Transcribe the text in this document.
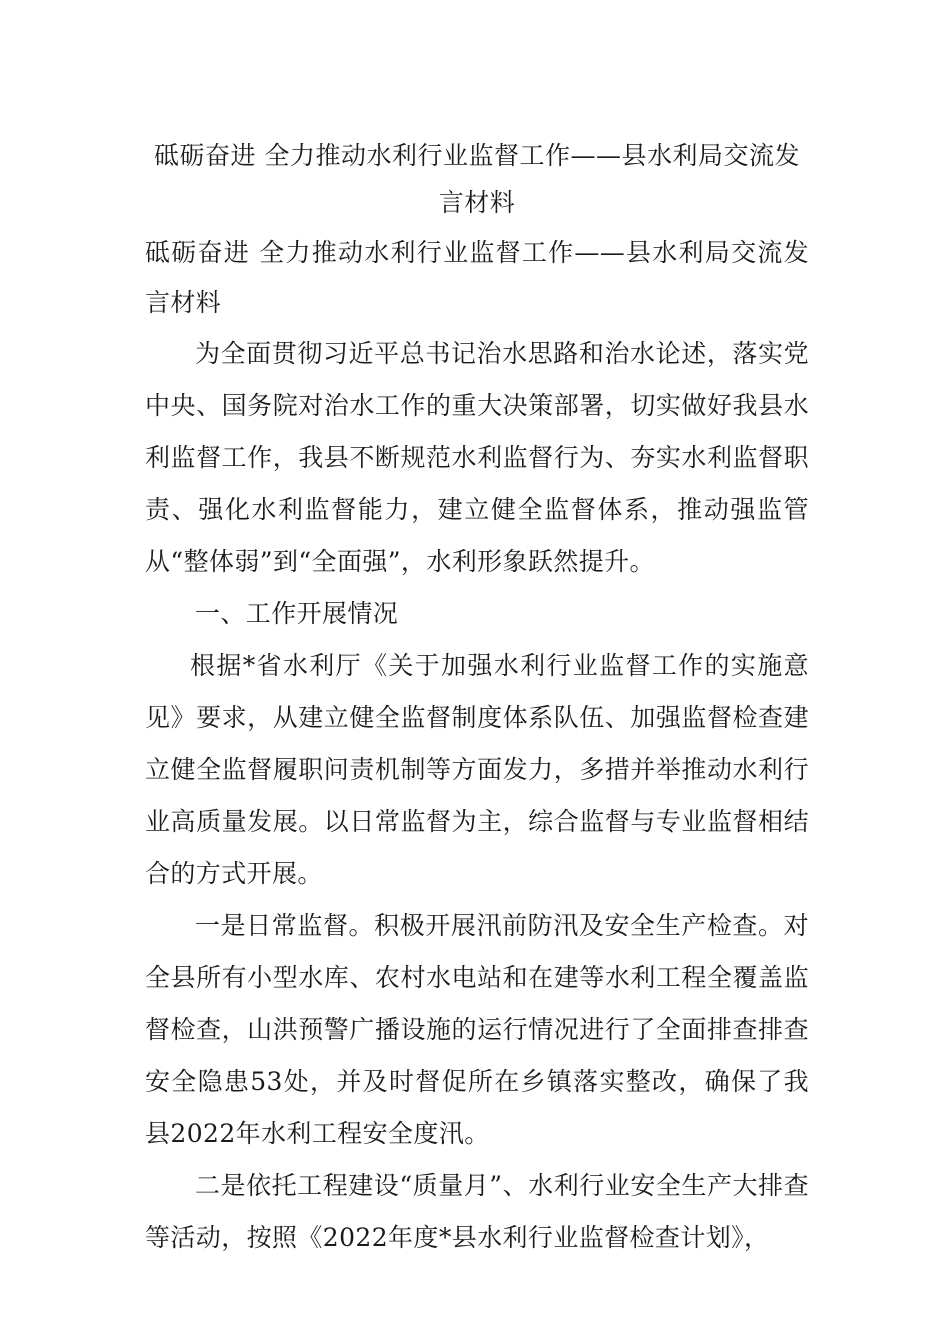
砥砺奋进 全力推动水利行业监督工作——县水利局交流发言材料

砥砺奋进 全力推动水利行业监督工作——县水利局交流发言材料

为全面贯彻习近平总书记治水思路和治水论述，落实党中央、国务院对治水工作的重大决策部署，切实做好我县水利监督工作，我县不断规范水利监督行为、夯实水利监督职责、强化水利监督能力，建立健全监督体系，推动强监管从“整体弱”到“全面强”，水利形象跃然提升。

一、工作开展情况

根据*省水利厅《关于加强水利行业监督工作的实施意见》要求，从建立健全监督制度体系队伍、加强监督检查建立健全监督履职问责机制等方面发力，多措并举推动水利行业高质量发展。以日常监督为主，综合监督与专业监督相结合的方式开展。

一是日常监督。积极开展汛前防汛及安全生产检查。对全县所有小型水库、农村水电站和在建等水利工程全覆盖监督检查，山洪预警广播设施的运行情况进行了全面排查排查安全隐患53处，并及时督促所在乡镇落实整改，确保了我县2022年水利工程安全度汛。

二是依托工程建设“质量月”、水利行业安全生产大排查等活动，按照《2022年度*县水利行业监督检查计划》，
